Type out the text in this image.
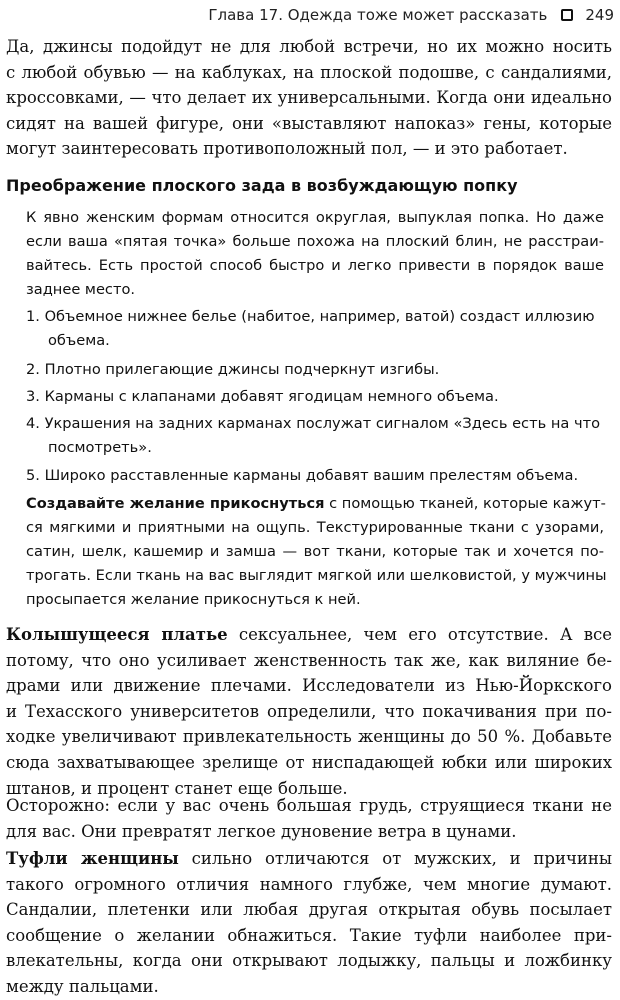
Глава 17. Одежда тоже может рассказать	249
Да, джинсы подойдут не для любой встречи, но их можно носить
с любой обувью — на каблуках, на плоской подошве, с сандалиями,
кроссовками, — что делает их универсальными. Когда они идеально
сидят на вашей фигуре, они «выставляют напоказ» гены, которые
могут заинтересовать противоположный пол, — и это работает.
Преображение плоского зада в возбуждающую попку
К явно женским формам относится округлая, выпуклая попка. Но даже
если ваша «пятая точка» больше похожа на плоский блин, не расстраи-
вайтесь. Есть простой способ быстро и легко привести в порядок ваше
заднее место.
1. Объемное нижнее белье (набитое, например, ватой) создаст иллюзию
объема.
2. Плотно прилегающие джинсы подчеркнут изгибы.
3. Карманы с клапанами добавят ягодицам немного объема.
4. Украшения на задних карманах послужат сигналом «Здесь есть на что
посмотреть».
5. Широко расставленные карманы добавят вашим прелестям объема.
Создавайте желание прикоснуться с помощью тканей, которые кажут-
ся мягкими и приятными на ощупь. Текстурированные ткани с узорами,
сатин, шелк, кашемир и замша — вот ткани, которые так и хочется по-
трогать. Если ткань на вас выглядит мягкой или шелковистой, у мужчины
просыпается желание прикоснуться к ней.
Колышущееся платье сексуальнее, чем его отсутствие. А все
потому, что оно усиливает женственность так же, как виляние бе-
драми или движение плечами. Исследователи из Нью-Йоркского
и Техасского университетов определили, что покачивания при по-
ходке увеличивают привлекательность женщины до 50 %. Добавьте
сюда захватывающее зрелище от ниспадающей юбки или широких
штанов, и процент станет еще больше.
Осторожно: если у вас очень большая грудь, струящиеся ткани не
для вас. Они превратят легкое дуновение ветра в цунами.
Туфли женщины сильно отличаются от мужских, и причины
такого огромного отличия намного глубже, чем многие думают.
Сандалии, плетенки или любая другая открытая обувь посылает
сообщение о желании обнажиться. Такие туфли наиболее при-
влекательны, когда они открывают лодыжку, пальцы и ложбинку
между пальцами.
